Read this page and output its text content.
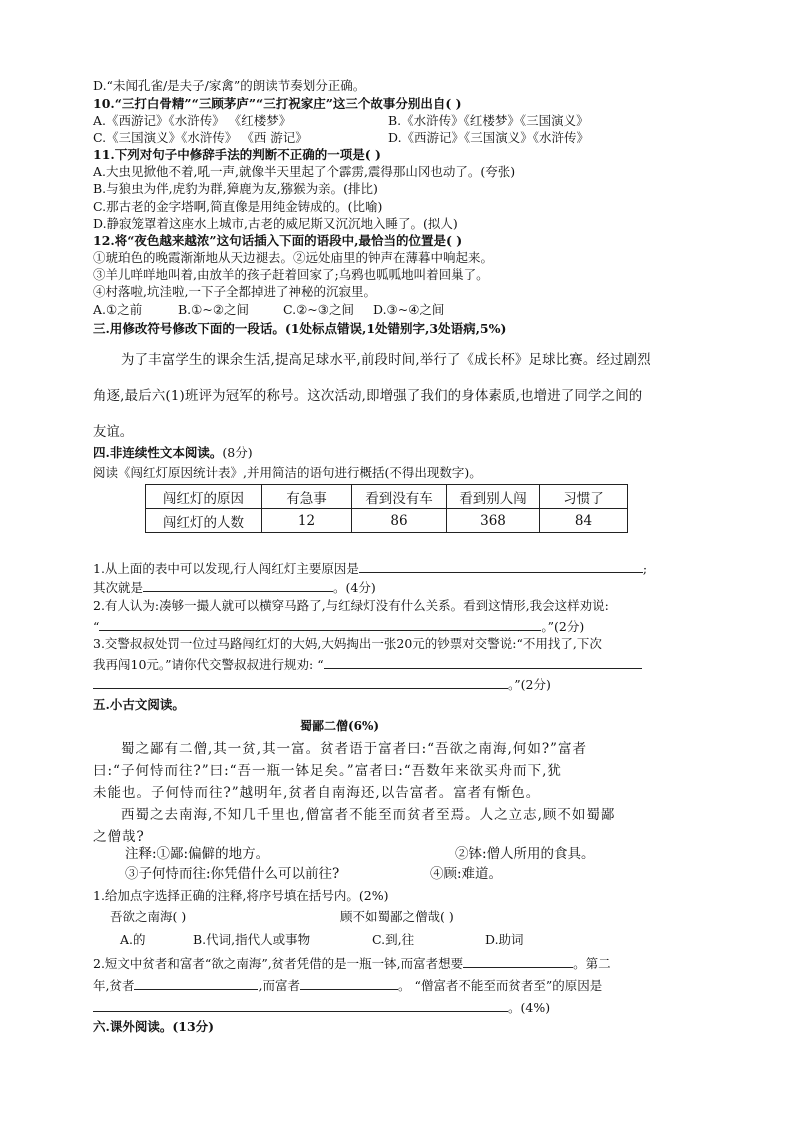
D.“未闻孔雀/是夫子/家禽”的朗读节奏划分正确。
10.“三打白骨精”“三顾茅庐”“三打祝家庄”这三个故事分别出自( )
A.《西游记》《水浒传》 《红楼梦》	B.《水浒传》《红楼梦》《三国演义》
C.《三国演义》《水浒传》 《西 游记》	D.《西游记》《三国演义》《水浒传》
11.下列对句子中修辞手法的判断不正确的一项是( )
A.大虫见掀他不着,吼一声,就像半天里起了个霹雳,震得那山冈也动了。(夸张)
B.与狼虫为伴,虎豹为群,獐鹿为友,猕猴为亲。(排比)
C.那古老的金字塔啊,简直像是用纯金铸成的。(比喻)
D.静寂笼罩着这座水上城市,古老的威尼斯又沉沉地入睡了。(拟人)
12.将“夜色越来越浓”这句话插入下面的语段中,最恰当的位置是( )
①琥珀色的晚霞渐渐地从天边褪去。②远处庙里的钟声在薄暮中响起来。
③羊儿咩咩地叫着,由放羊的孩子赶着回家了;乌鸦也呱呱地叫着回巢了。
④村落啦,坑洼啦,一下子全都掉进了神秘的沉寂里。
A.①之前	B.①~②之间	C.②~③之间 D.③~④之间
三.用修改符号修改下面的一段话。(1处标点错误,1处错别字,3处语病,5%)
为了丰富学生的课余生活,提高足球水平,前段时间,举行了《成长杯》足球比赛。经过剧烈
角逐,最后六(1)班评为冠军的称号。这次活动,即增强了我们的身体素质,也增进了同学之间的
友谊。
四.非连续性文本阅读。(8分)
阅读《闯红灯原因统计表》,并用简洁的语句进行概括(不得出现数字)。
闯红灯的原因	有急事	看到没有车	看到别人闯	习惯了
闯红灯的人数	12	86	368	84
1.从上面的表中可以发现,行人闯红灯主要原因是	;
其次就是	。(4分)
2.有人认为:凑够一撮人就可以横穿马路了,与红绿灯没有什么关系。看到这情形,我会这样劝说:
“	。”(2分)
3.交警叔叔处罚一位过马路闯红灯的大妈,大妈掏出一张20元的钞票对交警说:“不用找了,下次
我再闯10元。”请你代交警叔叔进行规劝: “
。”(2分)
五.小古文阅读。
蜀鄙二僧(6%)
蜀之鄙有二僧,其一贫,其一富。贫者语于富者曰:“吾欲之南海,何如?”富者
曰:“子何恃而往?”曰:“吾一瓶一钵足矣。”富者曰:“吾数年来欲买舟而下,犹
未能也。子何恃而往?”越明年,贫者自南海还,以告富者。富者有惭色。
西蜀之去南海,不知几千里也,僧富者不能至而贫者至焉。人之立志,顾不如蜀鄙
之僧哉?
注释:①鄙:偏僻的地方。	②钵:僧人所用的食具。
③子何恃而往:你凭借什么可以前往?	④顾:难道。
1.给加点字选择正确的注释,将序号填在括号内。(2%)
吾欲之南海( )	顾不如蜀鄙之僧哉( )
A.的	B.代词,指代人或事物	C.到,往	D.助词
2.短文中贫者和富者“欲之南海”,贫者凭借的是一瓶一钵,而富者想要	。第二
年,贫者	,而富者	。 “僧富者不能至而贫者至”的原因是
。(4%)
六.课外阅读。(13分)
